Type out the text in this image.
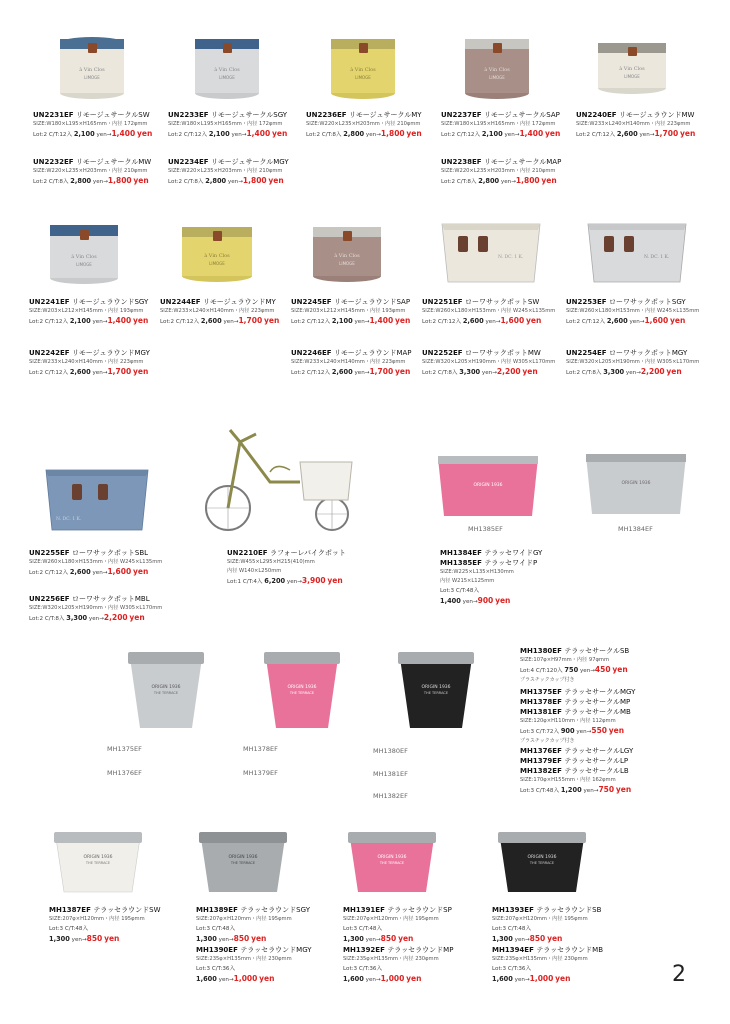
à Vin Clos
LIMOGE
à Vin Clos
LIMOGE
à Vin Clos
LIMOGE
à Vin Clos
LIMOGE
à Vin Clos
LIMOGE
UN2231EF リモージュサークルSW
SIZE:W180×L195×H165mm・内径 172φmm
Lot:2 C/T:12入 2,100 yen→1,400 yen
UN2232EF リモージュサークルMW
SIZE:W220×L235×H203mm・内径 210φmm
Lot:2 C/T:8入 2,800 yen→1,800 yen
UN2233EF リモージュサークルSGY
SIZE:W180×L195×H165mm・内径 172φmm
Lot:2 C/T:12入 2,100 yen→1,400 yen
UN2234EF リモージュサークルMGY
SIZE:W220×L235×H203mm・内径 210φmm
Lot:2 C/T:8入 2,800 yen→1,800 yen
UN2236EF リモージュサークルMY
SIZE:W220×L235×H203mm・内径 210φmm
Lot:2 C/T:8入 2,800 yen→1,800 yen
UN2237EF リモージュサークルSAP
SIZE:W180×L195×H165mm・内径 172φmm
Lot:2 C/T:12入 2,100 yen→1,400 yen
UN2238EF リモージュサークルMAP
SIZE:W220×L235×H203mm・内径 210φmm
Lot:2 C/T:8入 2,800 yen→1,800 yen
UN2240EF リモージュラウンドMW
SIZE:W233×L240×H140mm・内径 223φmm
Lot:2 C/T:12入 2,600 yen→1,700 yen
à Vin Clos
LIMOGE
à Vin Clos
LIMOGE
à Vin Clos
LIMOGE
N. DC. 1 K.	N. DC. 1 K.
UN2241EF リモージュラウンドSGY
SIZE:W203×L212×H145mm・内径 193φmm
Lot:2 C/T:12入 2,100 yen→1,400 yen
UN2242EF リモージュラウンドMGY
SIZE:W233×L240×H140mm・内径 223φmm
Lot:2 C/T:12入 2,600 yen→1,700 yen
UN2244EF リモージュラウンドMY
SIZE:W233×L240×H140mm・内径 223φmm
Lot:2 C/T:12入 2,600 yen→1,700 yen
UN2245EF リモージュラウンドSAP
SIZE:W203×L212×H145mm・内径 193φmm
Lot:2 C/T:12入 2,100 yen→1,400 yen
UN2246EF リモージュラウンドMAP
SIZE:W233×L240×H140mm・内径 223φmm
Lot:2 C/T:12入 2,600 yen→1,700 yen
UN2251EF ローワサックポットSW
SIZE:W260×L180×H153mm・内径 W245×L135mm
Lot:2 C/T:12入 2,600 yen→1,600 yen
UN2252EF ローワサックポットMW
SIZE:W320×L205×H190mm・内径 W305×L170mm
Lot:2 C/T:8入 3,300 yen→2,200 yen
UN2253EF ローワサックポットSGY
SIZE:W260×L180×H153mm・内径 W245×L135mm
Lot:2 C/T:12入 2,600 yen→1,600 yen
UN2254EF ローワサックポットMGY
SIZE:W320×L205×H190mm・内径 W305×L170mm
Lot:2 C/T:8入 3,300 yen→2,200 yen
N. DC. 1 K.
ORIGIN 1936
MH1385EF
ORIGIN 1936
MH1384EF
UN2255EF ローワサックポットSBL
SIZE:W260×L180×H153mm・内径 W245×L135mm
Lot:2 C/T:12入 2,600 yen→1,600 yen
UN2256EF ローワサックポットMBL
SIZE:W320×L205×H190mm・内径 W305×L170mm
Lot:2 C/T:8入 3,300 yen→2,200 yen
UN2210EF ラフォーレバイクポット
SIZE:W455×L295×H215(410)mm
内径 W140×L250mm
Lot:1 C/T:4入 6,200 yen→3,900 yen
MH1384EF テラッセワイドGY
MH1385EF テラッセワイドP
SIZE:W225×L135×H130mm
内径 W215×L125mm
Lot:3 C/T:48入
1,400 yen→900 yen
ORIGIN 1936
THE TERRACE
ORIGIN 1936
THE TERRACE
ORIGIN 1936
THE TERRACE
MH1375EF
MH1376EF
MH1378EF
MH1379EF
MH1380EF
MH1381EF
MH1382EF
MH1380EF テラッセサークルSB
SIZE:107φ×H97mm・内径 97φmm
Lot:4 C/T:120入 750 yen→450 yen
プラスチックカップ付き
MH1375EF テラッセサークルMGY
MH1378EF テラッセサークルMP
MH1381EF テラッセサークルMB
SIZE:120φ×H110mm・内径 112φmm
Lot:3 C/T:72入 900 yen→550 yen
プラスチックカップ付き
MH1376EF テラッセサークルLGY
MH1379EF テラッセサークルLP
MH1382EF テラッセサークルLB
SIZE:170φ×H155mm・内径 162φmm
Lot:3 C/T:48入 1,200 yen→750 yen
ORIGIN 1936
THE TERRACE
ORIGIN 1936
THE TERRACE
ORIGIN 1936
THE TERRACE
ORIGIN 1936
THE TERRACE
MH1387EF テラッセラウンドSW
SIZE:207φ×H120mm・内径 195φmm
Lot:3 C/T:48入
1,300 yen→850 yen
MH1389EF テラッセラウンドSGY
SIZE:207φ×H120mm・内径 195φmm
Lot:3 C/T:48入
1,300 yen→850 yen
MH1390EF テラッセラウンドMGY
SIZE:235φ×H135mm・内径 230φmm
Lot:3 C/T:36入
1,600 yen→1,000 yen
MH1391EF テラッセラウンドSP
SIZE:207φ×H120mm・内径 195φmm
Lot:3 C/T:48入
1,300 yen→850 yen
MH1392EF テラッセラウンドMP
SIZE:235φ×H135mm・内径 230φmm
Lot:3 C/T:36入
1,600 yen→1,000 yen
MH1393EF テラッセラウンドSB
SIZE:207φ×H120mm・内径 195φmm
Lot:3 C/T:48入
1,300 yen→850 yen
MH1394EF テラッセラウンドMB
SIZE:235φ×H135mm・内径 230φmm
Lot:3 C/T:36入
1,600 yen→1,000 yen	2
